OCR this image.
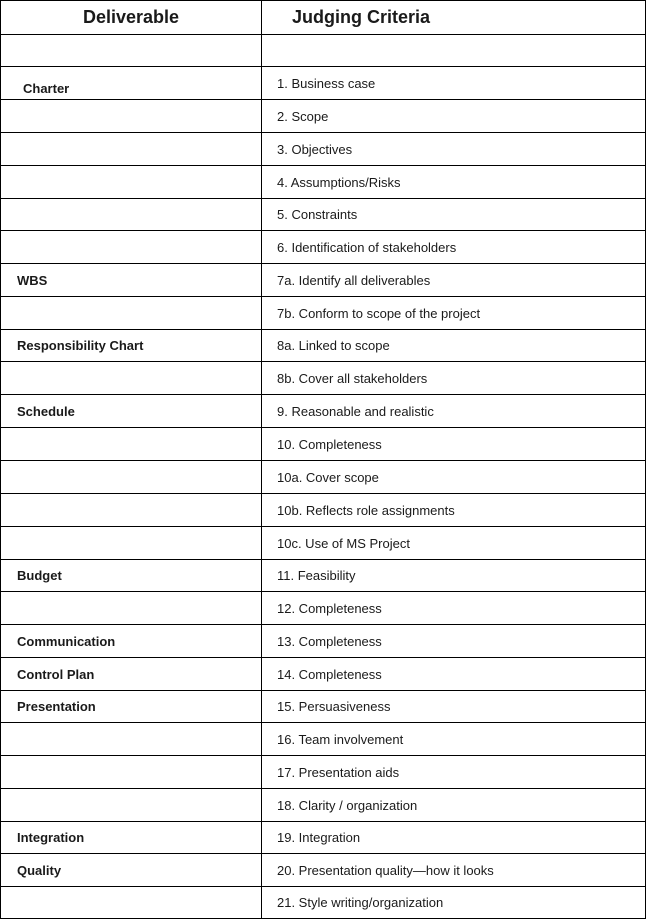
Deliverable	Judging Criteria
Charter	1. Business case
2. Scope
3. Objectives
4. Assumptions/Risks
5. Constraints
6. Identification of stakeholders
WBS	7a. Identify all deliverables
7b. Conform to scope of the project
Responsibility Chart	8a. Linked to scope
8b. Cover all stakeholders
Schedule	9. Reasonable and realistic
10. Completeness
10a. Cover scope
10b. Reflects role assignments
10c. Use of MS Project
Budget	11. Feasibility
12. Completeness
Communication	13. Completeness
Control Plan	14. Completeness
Presentation	15. Persuasiveness
16. Team involvement
17. Presentation aids
18. Clarity / organization
Integration	19. Integration
Quality	20. Presentation quality—how it looks
21. Style writing/organization
